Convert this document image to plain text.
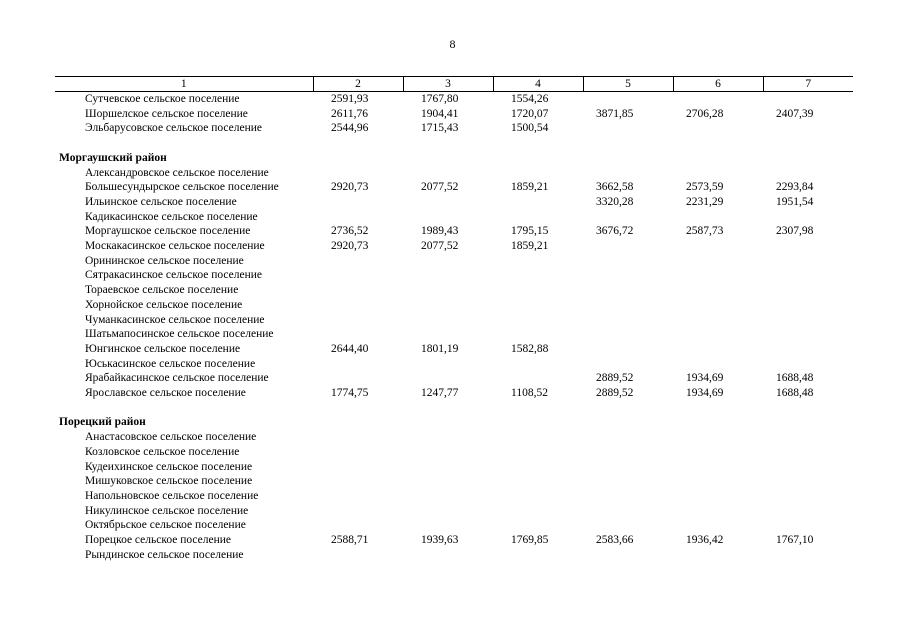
8
1	2	3	4	5	6	7
Сутчевское сельское поселение	2591,93	1767,80	1554,26			
Шоршелское сельское поселение	2611,76	1904,41	1720,07	3871,85	2706,28	2407,39
Эльбарусовское сельское поселение	2544,96	1715,43	1500,54			

Моргаушский район						
Александровское сельское поселение						
Большесундырское сельское поселение	2920,73	2077,52	1859,21	3662,58	2573,59	2293,84
Ильинское сельское поселение				3320,28	2231,29	1951,54
Кадикасинское сельское поселение						
Моргаушское сельское поселение	2736,52	1989,43	1795,15	3676,72	2587,73	2307,98
Москакасинское сельское поселение	2920,73	2077,52	1859,21			
Орининское сельское поселение						
Сятракасинское сельское поселение						
Тораевское сельское поселение						
Хорнойское сельское поселение						
Чуманкасинское сельское поселение						
Шатьмапосинское сельское поселение						
Юнгинское сельское поселение	2644,40	1801,19	1582,88			
Юськасинское сельское поселение						
Ярабайкасинское сельское поселение				2889,52	1934,69	1688,48
Ярославское сельское поселение	1774,75	1247,77	1108,52	2889,52	1934,69	1688,48

Порецкий район						
Анастасовское сельское поселение						
Козловское сельское поселение						
Кудеихинское сельское поселение						
Мишуковское сельское поселение						
Напольновское сельское поселение						
Никулинское сельское поселение						
Октябрьское сельское поселение						
Порецкое сельское поселение	2588,71	1939,63	1769,85	2583,66	1936,42	1767,10
Рындинское сельское поселение						
